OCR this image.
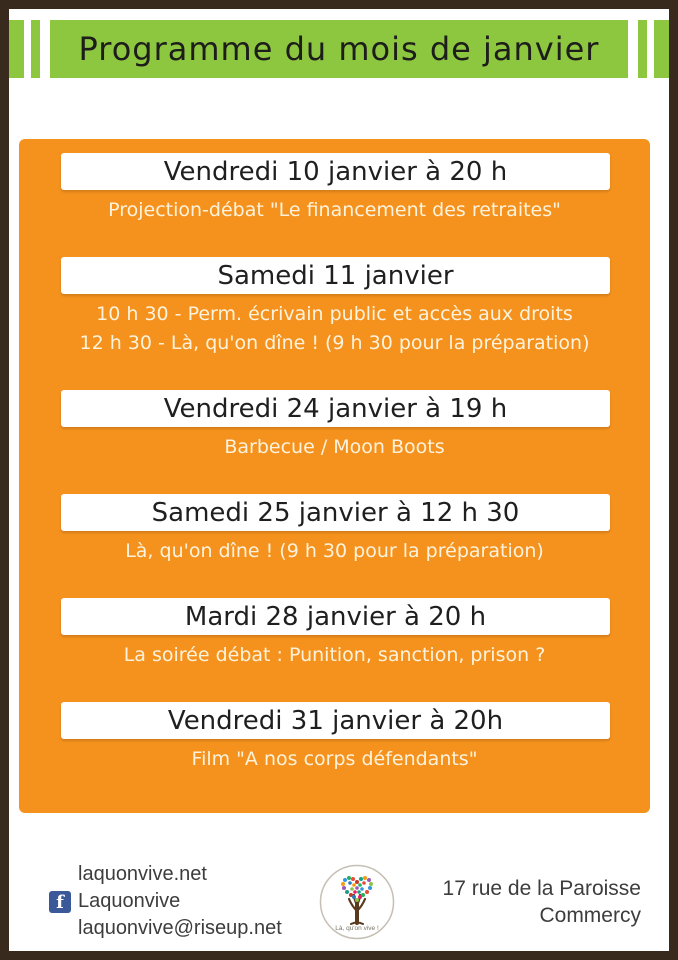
Programme du mois de janvier
Vendredi 10 janvier à 20 h
Projection-débat "Le financement des retraites"
Samedi 11 janvier
10 h 30 - Perm. écrivain public et accès aux droits
12 h 30 - Là, qu'on dîne ! (9 h 30 pour la préparation)
Vendredi 24 janvier à 19 h
Barbecue / Moon Boots
Samedi 25 janvier à 12 h 30
Là, qu'on dîne ! (9 h 30 pour la préparation)
Mardi 28 janvier à 20 h
La soirée débat : Punition, sanction, prison ?
Vendredi 31 janvier à 20h
Film "A nos corps défendants"
laquonvive.net
f Laquonvive
laquonvive@riseup.net	Là, qu'on vive !
17 rue de la Paroisse
Commercy
